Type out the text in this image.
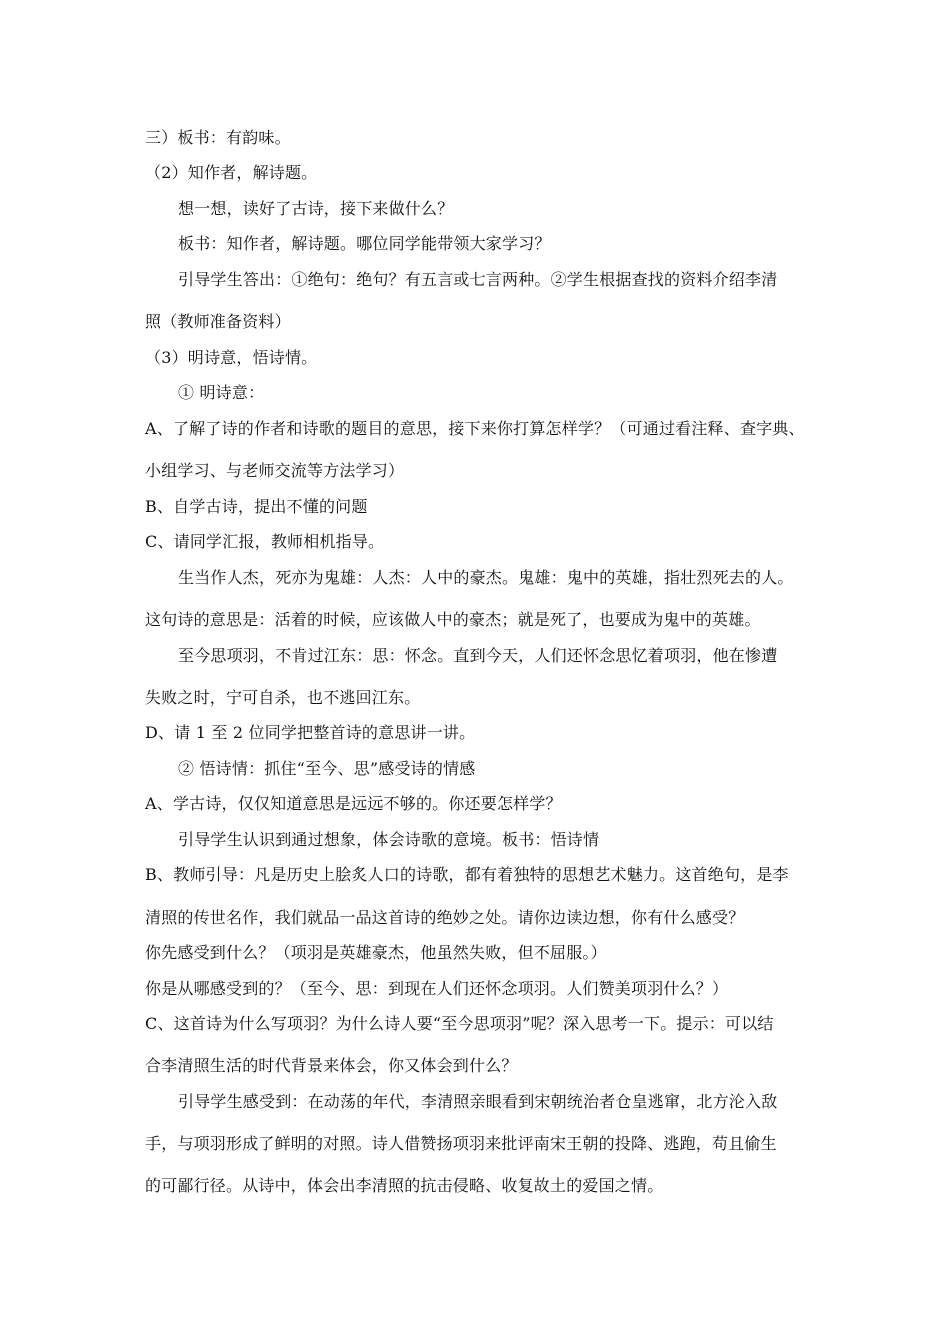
三）板书：有韵味。
（2）知作者，解诗题。
想一想，读好了古诗，接下来做什么？
板书：知作者，解诗题。哪位同学能带领大家学习？
引导学生答出：①绝句：绝句？有五言或七言两种。②学生根据查找的资料介绍李清
照（教师准备资料）
（3）明诗意，悟诗情。
① 明诗意：
A、了解了诗的作者和诗歌的题目的意思，接下来你打算怎样学？（可通过看注释、查字典、
小组学习、与老师交流等方法学习）
B、自学古诗，提出不懂的问题
C、请同学汇报，教师相机指导。
生当作人杰，死亦为鬼雄：人杰：人中的豪杰。鬼雄：鬼中的英雄，指壮烈死去的人。
这句诗的意思是：活着的时候，应该做人中的豪杰；就是死了，也要成为鬼中的英雄。
至今思项羽，不肯过江东：思：怀念。直到今天，人们还怀念思忆着项羽，他在惨遭
失败之时，宁可自杀，也不逃回江东。
D、请 1 至 2 位同学把整首诗的意思讲一讲。
② 悟诗情：抓住“至今、思”感受诗的情感
A、学古诗，仅仅知道意思是远远不够的。你还要怎样学？
引导学生认识到通过想象，体会诗歌的意境。板书：悟诗情
B、教师引导：凡是历史上脍炙人口的诗歌，都有着独特的思想艺术魅力。这首绝句，是李
清照的传世名作，我们就品一品这首诗的绝妙之处。请你边读边想，你有什么感受？
你先感受到什么？（项羽是英雄豪杰，他虽然失败，但不屈服。）
你是从哪感受到的？（至今、思：到现在人们还怀念项羽。人们赞美项羽什么？）
C、这首诗为什么写项羽？为什么诗人要“至今思项羽”呢？深入思考一下。提示：可以结
合李清照生活的时代背景来体会，你又体会到什么？
引导学生感受到：在动荡的年代，李清照亲眼看到宋朝统治者仓皇逃窜，北方沦入敌
手，与项羽形成了鲜明的对照。诗人借赞扬项羽来批评南宋王朝的投降、逃跑，苟且偷生
的可鄙行径。从诗中，体会出李清照的抗击侵略、收复故土的爱国之情。
